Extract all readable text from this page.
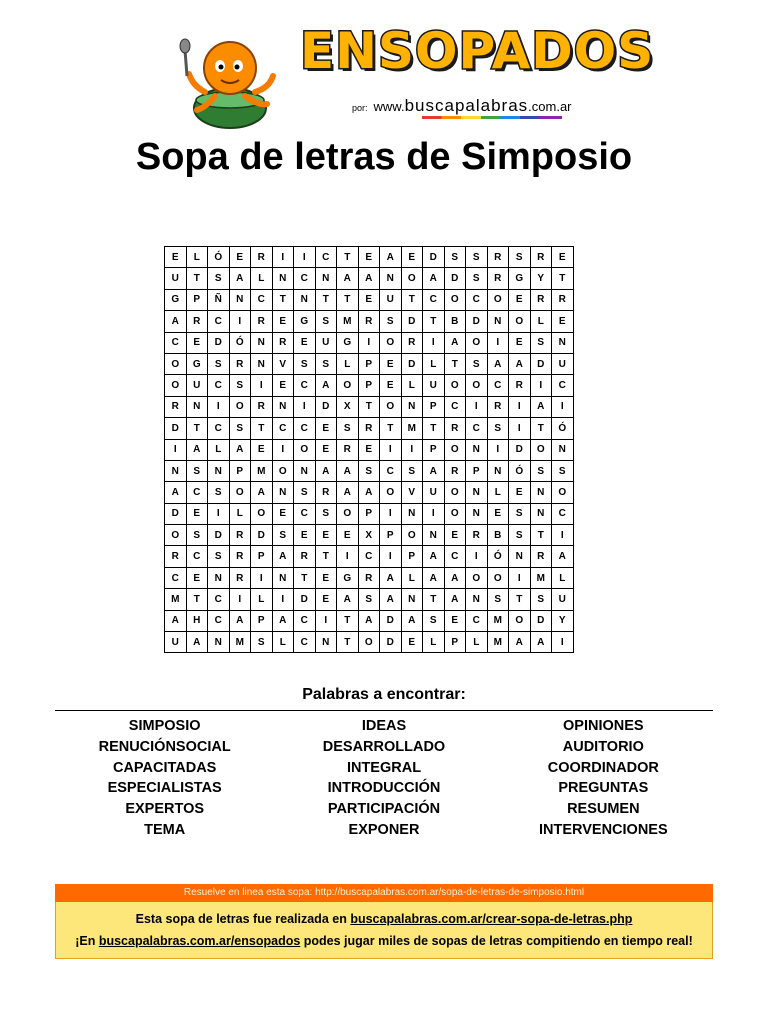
ENSOPADOS
por: www.buscapalabras.com.ar
Sopa de letras de Simposio
E	L	Ó	E	R	I	I	C	T	E	A	E	D	S	S	R	S	R	E
U	T	S	A	L	N	C	N	A	A	N	O	A	D	S	R	G	Y	T
G	P	Ñ	N	C	T	N	T	T	E	U	T	C	O	C	O	E	R	R
A	R	C	I	R	E	G	S	M	R	S	D	T	B	D	N	O	L	E
C	E	D	Ó	N	R	E	U	G	I	O	R	I	A	O	I	E	S	N
O	G	S	R	N	V	S	S	L	P	E	D	L	T	S	A	A	D	U
O	U	C	S	I	E	C	A	O	P	E	L	U	O	O	C	R	I	C
R	N	I	O	R	N	I	D	X	T	O	N	P	C	I	R	I	A	I
D	T	C	S	T	C	C	E	S	R	T	M	T	R	C	S	I	T	Ó
I	A	L	A	E	I	O	E	R	E	I	I	P	O	N	I	D	O	N
N	S	N	P	M	O	N	A	A	S	C	S	A	R	P	N	Ó	S	S
A	C	S	O	A	N	S	R	A	A	O	V	U	O	N	L	E	N	O
D	E	I	L	O	E	C	S	O	P	I	N	I	O	N	E	S	N	C
O	S	D	R	D	S	E	E	E	X	P	O	N	E	R	B	S	T	I
R	C	S	R	P	A	R	T	I	C	I	P	A	C	I	Ó	N	R	A
C	E	N	R	I	N	T	E	G	R	A	L	A	A	O	O	I	M	L
M	T	C	I	L	I	D	E	A	S	A	N	T	A	N	S	T	S	U
A	H	C	A	P	A	C	I	T	A	D	A	S	E	C	M	O	D	Y
U	A	N	M	S	L	C	N	T	O	D	E	L	P	L	M	A	A	I
Palabras a encontrar:
SIMPOSIO
RENUCIÓNSOCIAL
CAPACITADAS
ESPECIALISTAS
EXPERTOS
TEMA
IDEAS
DESARROLLADO
INTEGRAL
INTRODUCCIÓN
PARTICIPACIÓN
EXPONER
OPINIONES
AUDITORIO
COORDINADOR
PREGUNTAS
RESUMEN
INTERVENCIONES
Resuelve en linea esta sopa: http://buscapalabras.com.ar/sopa-de-letras-de-simposio.html
Esta sopa de letras fue realizada en buscapalabras.com.ar/crear-sopa-de-letras.php
¡En buscapalabras.com.ar/ensopados podes jugar miles de sopas de letras compitiendo en tiempo real!
